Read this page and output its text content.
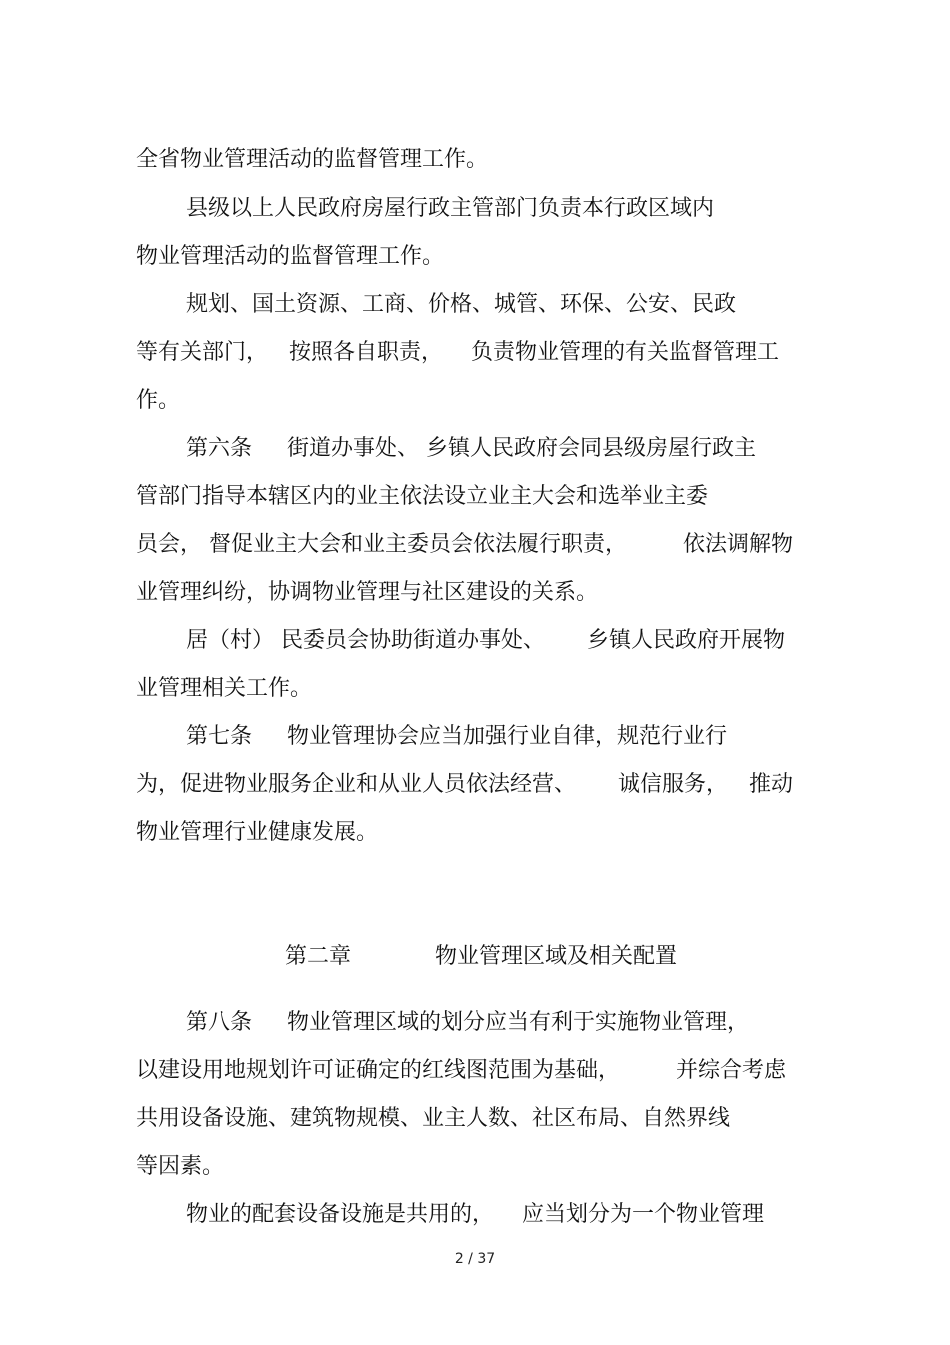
全省物业管理活动的监督管理工作。
县级以上人民政府房屋行政主管部门负责本行政区域内
物业管理活动的监督管理工作。
规划、国土资源、工商、价格、城管、环保、公安、民政
等有关部门，   按照各自职责，    负责物业管理的有关监督管理工
作。
第六条     街道办事处、 乡镇人民政府会同县级房屋行政主
管部门指导本辖区内的业主依法设立业主大会和选举业主委
员会， 督促业主大会和业主委员会依法履行职责，        依法调解物
业管理纠纷，协调物业管理与社区建设的关系。
居（村） 民委员会协助街道办事处、      乡镇人民政府开展物
业管理相关工作。
第七条     物业管理协会应当加强行业自律，规范行业行
为，促进物业服务企业和从业人员依法经营、      诚信服务，   推动
物业管理行业健康发展。

第二章	物业管理区域及相关配置

第八条     物业管理区域的划分应当有利于实施物业管理，
以建设用地规划许可证确定的红线图范围为基础，        并综合考虑
共用设备设施、建筑物规模、业主人数、社区布局、自然界线
等因素。
物业的配套设备设施是共用的，    应当划分为一个物业管理
2 / 37
